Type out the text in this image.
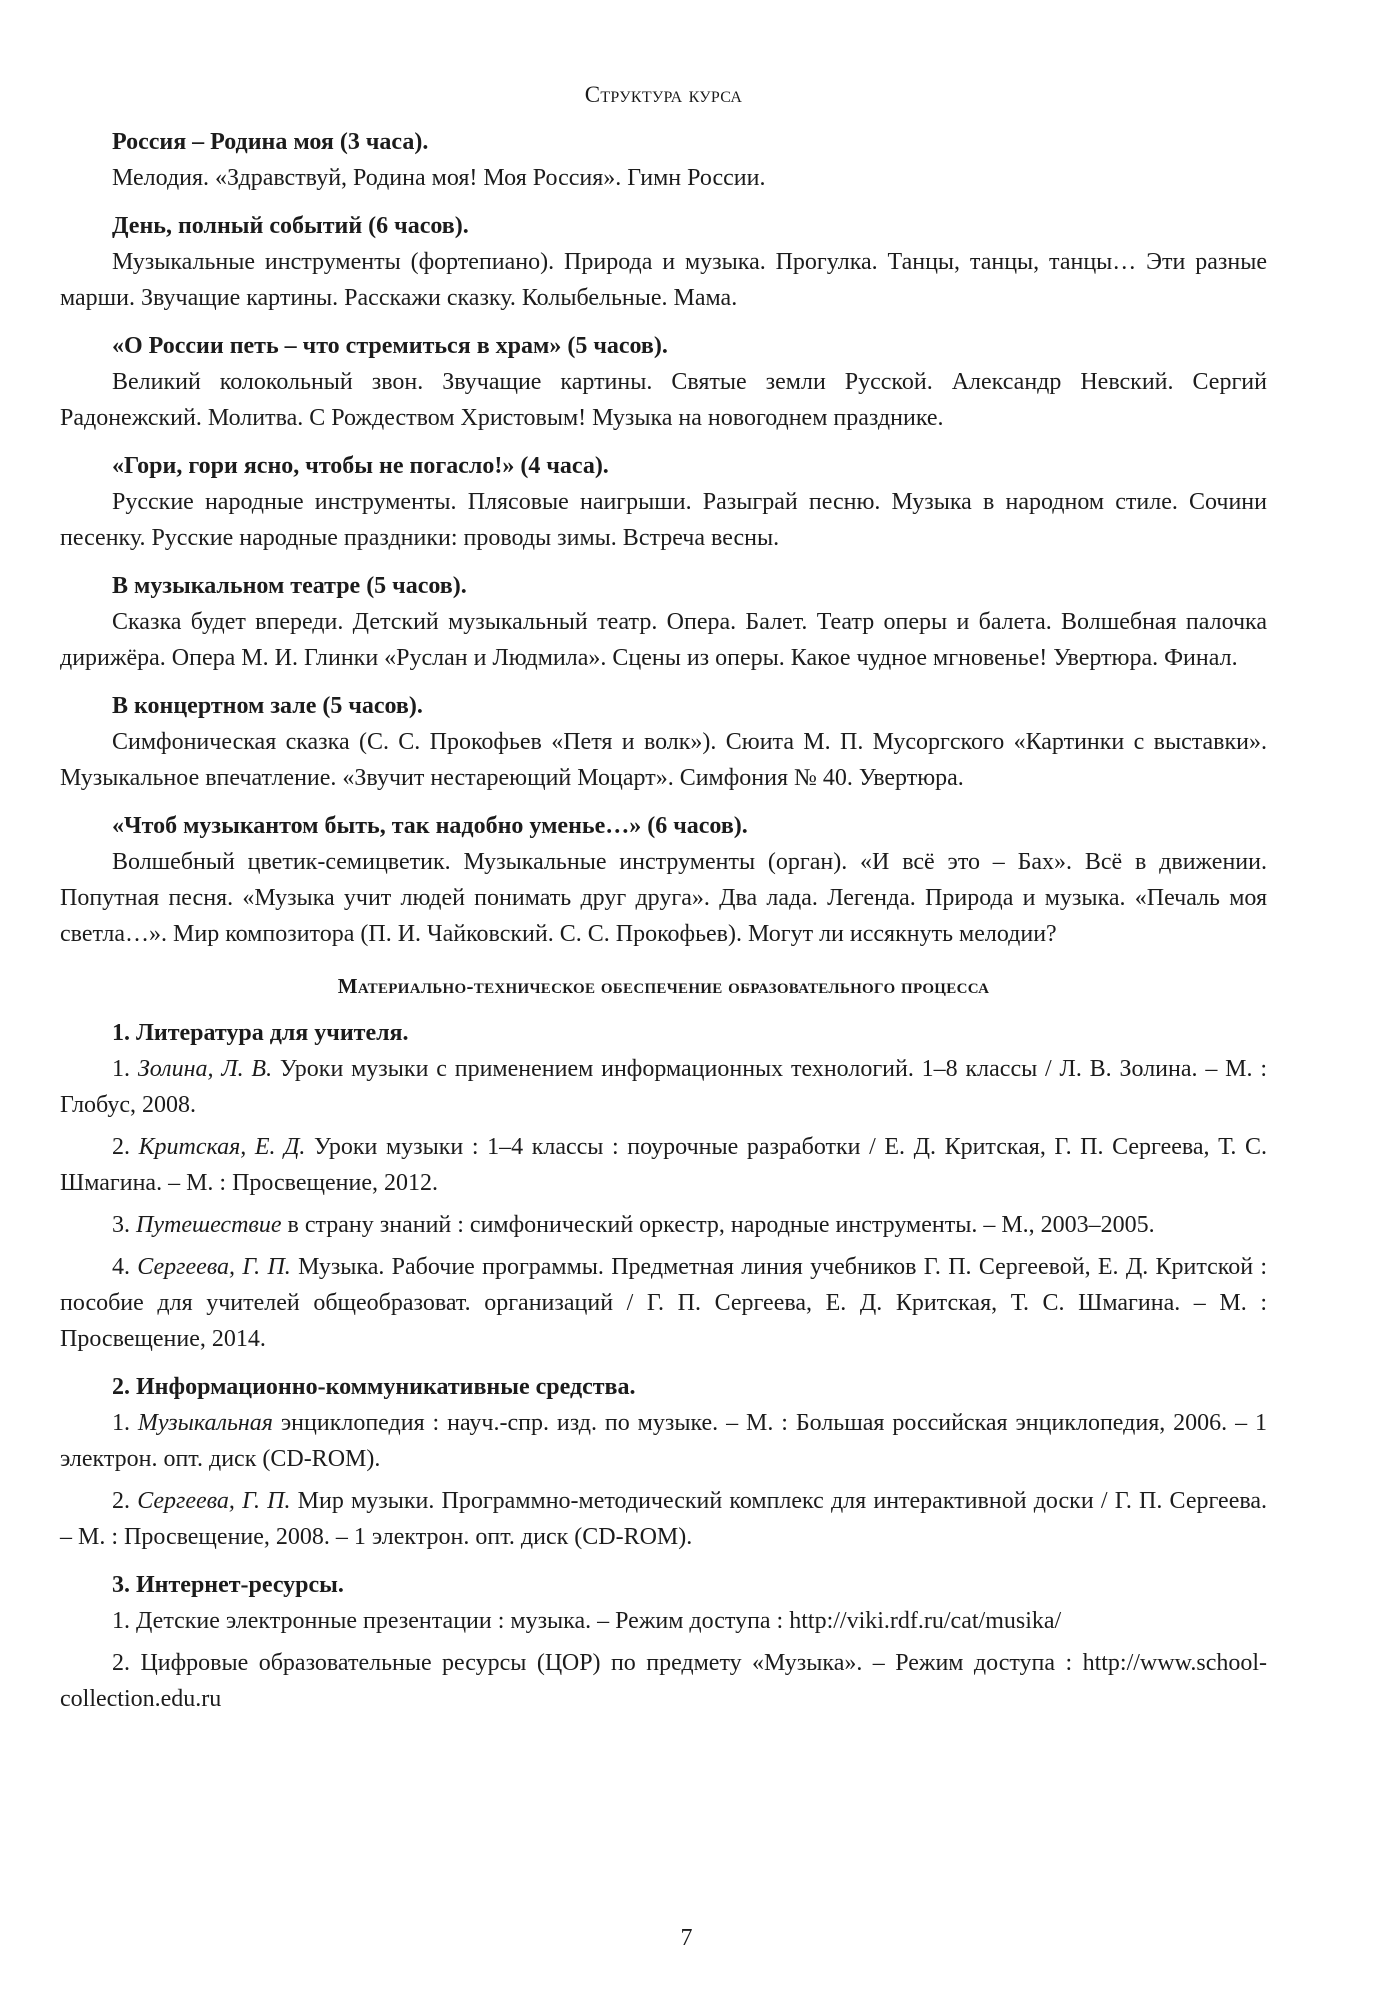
Структура курса

Россия – Родина моя (3 часа).

Мелодия. «Здравствуй, Родина моя! Моя Россия». Гимн России.

День, полный событий (6 часов).

Музыкальные инструменты (фортепиано). Природа и музыка. Прогулка. Танцы, танцы, танцы… Эти разные марши. Звучащие картины. Расскажи сказку. Колыбельные. Мама.

«О России петь – что стремиться в храм» (5 часов).

Великий колокольный звон. Звучащие картины. Святые земли Русской. Александр Невский. Сергий Радонежский. Молитва. С Рождеством Христовым! Музыка на новогоднем празднике.

«Гори, гори ясно, чтобы не погасло!» (4 часа).

Русские народные инструменты. Плясовые наигрыши. Разыграй песню. Музыка в народном стиле. Сочини песенку. Русские народные праздники: проводы зимы. Встреча весны.

В музыкальном театре (5 часов).

Сказка будет впереди. Детский музыкальный театр. Опера. Балет. Театр оперы и балета. Волшебная палочка дирижёра. Опера М. И. Глинки «Руслан и Людмила». Сцены из оперы. Какое чудное мгновенье! Увертюра. Финал.

В концертном зале (5 часов).

Симфоническая сказка (С. С. Прокофьев «Петя и волк»). Сюита М. П. Мусоргского «Картинки с выставки». Музыкальное впечатление. «Звучит нестареющий Моцарт». Симфония № 40. Увертюра.

«Чтоб музыкантом быть, так надобно уменье…» (6 часов).

Волшебный цветик-семицветик. Музыкальные инструменты (орган). «И всё это – Бах». Всё в движении. Попутная песня. «Музыка учит людей понимать друг друга». Два лада. Легенда. Природа и музыка. «Печаль моя светла…». Мир композитора (П. И. Чайковский. С. С. Прокофьев). Могут ли иссякнуть мелодии?

Материально-техническое обеспечение образовательного процесса

1. Литература для учителя.

1. Золина, Л. В. Уроки музыки с применением информационных технологий. 1–8 классы / Л. В. Золина. – М. : Глобус, 2008.

2. Критская, Е. Д. Уроки музыки : 1–4 классы : поурочные разработки / Е. Д. Критская, Г. П. Сергеева, Т. С. Шмагина. – М. : Просвещение, 2012.

3. Путешествие в страну знаний : симфонический оркестр, народные инструменты. – М., 2003–2005.

4. Сергеева, Г. П. Музыка. Рабочие программы. Предметная линия учебников Г. П. Сергеевой, Е. Д. Критской : пособие для учителей общеобразоват. организаций / Г. П. Сергеева, Е. Д. Критская, Т. С. Шмагина. – М. : Просвещение, 2014.

2. Информационно-коммуникативные средства.

1. Музыкальная энциклопедия : науч.-спр. изд. по музыке. – М. : Большая российская энциклопедия, 2006. – 1 электрон. опт. диск (CD-ROM).

2. Сергеева, Г. П. Мир музыки. Программно-методический комплекс для интерактивной доски / Г. П. Сергеева. – М. : Просвещение, 2008. – 1 электрон. опт. диск (CD-ROM).

3. Интернет-ресурсы.

1. Детские электронные презентации : музыка. – Режим доступа : http://viki.rdf.ru/cat/musika/

2. Цифровые образовательные ресурсы (ЦОР) по предмету «Музыка». – Режим доступа : http://www.school-collection.edu.ru

7
